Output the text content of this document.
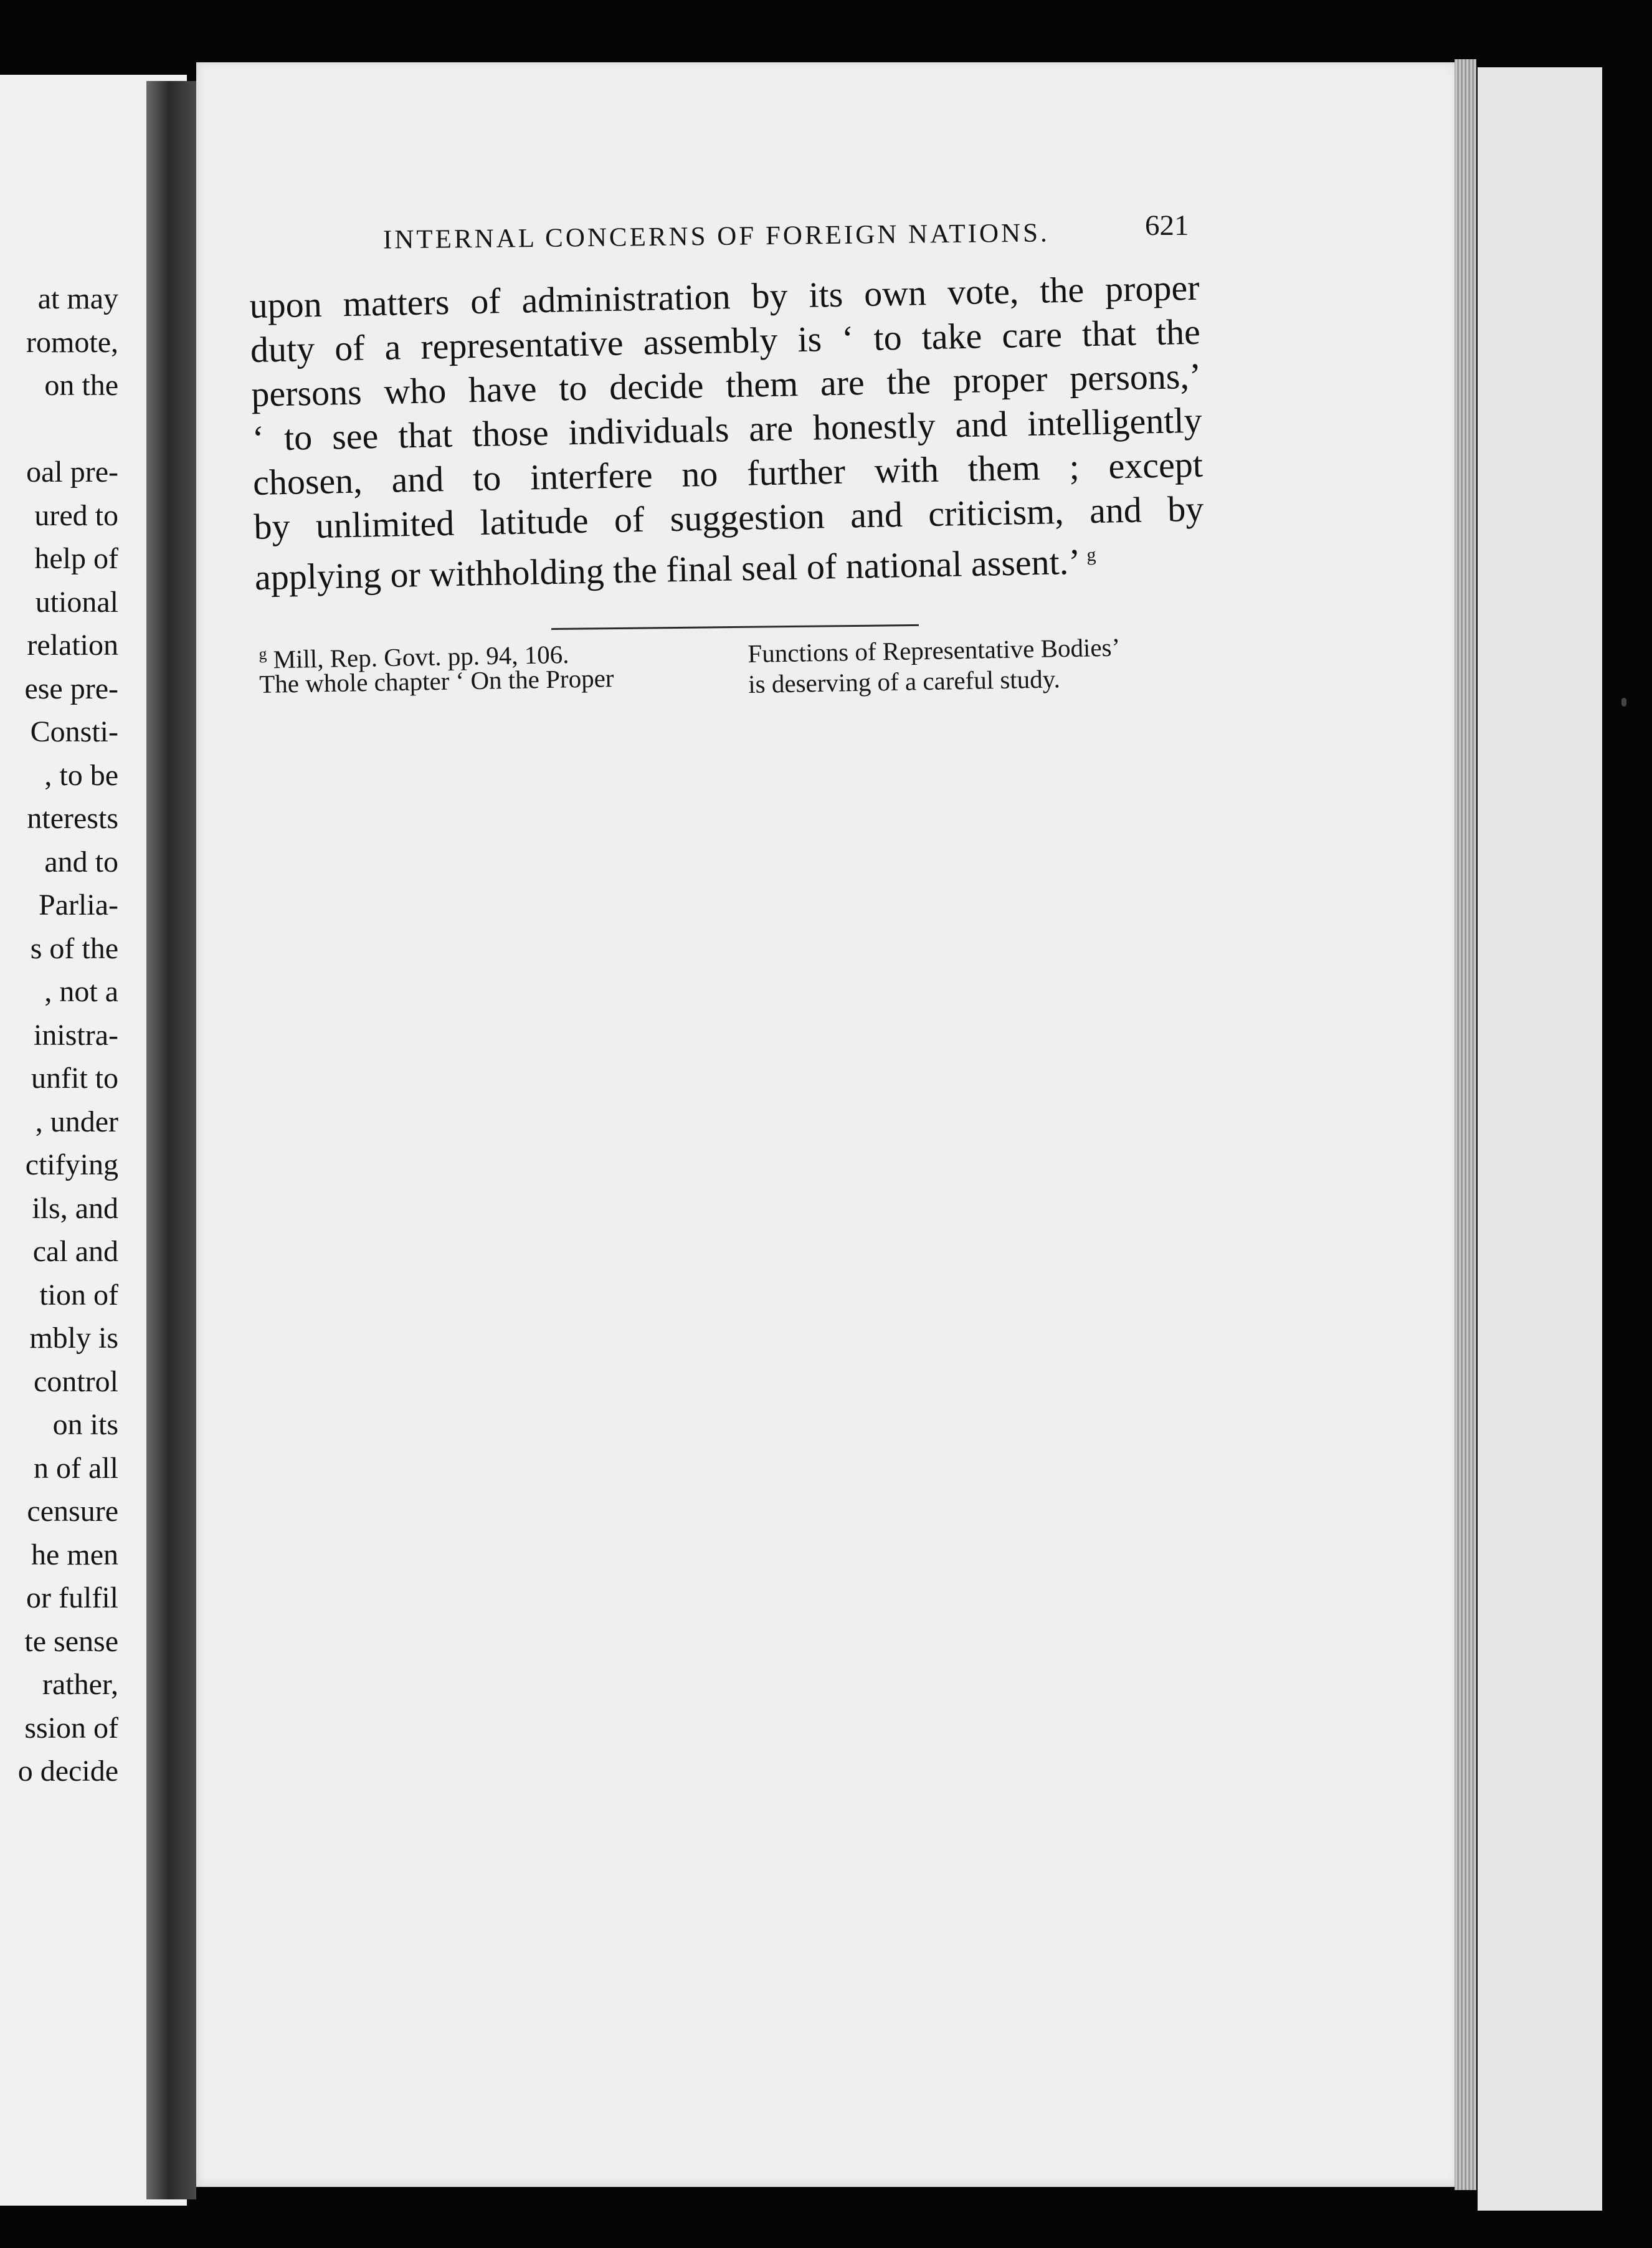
at may
romote,
on the
oal pre-
ured to
help of
utional
relation
ese pre-
Consti-
, to be
nterests
and to
Parlia-
s of the
, not a
inistra-
unfit to
, under
ctifying
ils, and
cal and
tion of
mbly is
control
on its
n of all
censure
he men
or fulfil
te sense
rather,
ssion of
o decide
INTERNAL CONCERNS OF FOREIGN NATIONS.	621
upon matters of administration by its own vote, the proper
duty of a representative assembly is ‘ to take care that the
persons who have to decide them are the proper persons,’
‘ to see that those individuals are honestly and intelligently
chosen, and to interfere no further with them ; except
by unlimited latitude of suggestion and criticism, and by
applying or withholding the final seal of national assent.’ $^g$
$^g$ Mill, Rep. Govt. pp. 94, 106.
The whole chapter ‘ On the Proper
Functions of Representative Bodies’
is deserving of a careful study.
